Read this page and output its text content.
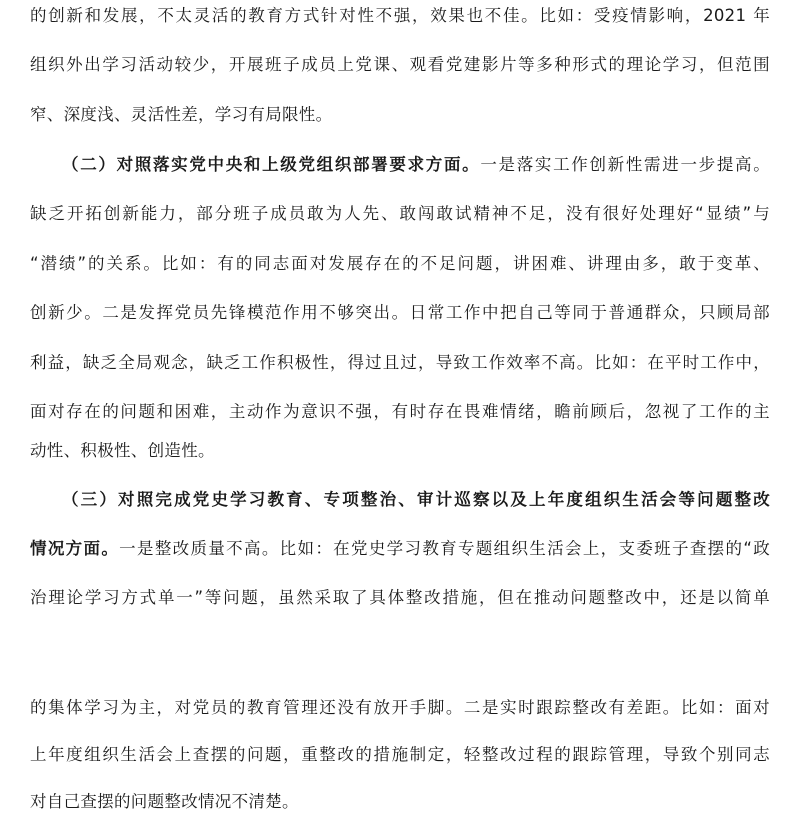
的创新和发展，不太灵活的教育方式针对性不强，效果也不佳。比如：受疫情影响，2021 年
组织外出学习活动较少，开展班子成员上党课、观看党建影片等多种形式的理论学习，但范围
窄、深度浅、灵活性差，学习有局限性。
（二）对照落实党中央和上级党组织部署要求方面。一是落实工作创新性需进一步提高。
缺乏开拓创新能力，部分班子成员敢为人先、敢闯敢试精神不足，没有很好处理好“显绩”与
“潜绩”的关系。比如：有的同志面对发展存在的不足问题，讲困难、讲理由多，敢于变革、
创新少。二是发挥党员先锋模范作用不够突出。日常工作中把自己等同于普通群众，只顾局部
利益，缺乏全局观念，缺乏工作积极性，得过且过，导致工作效率不高。比如：在平时工作中，
面对存在的问题和困难，主动作为意识不强，有时存在畏难情绪，瞻前顾后，忽视了工作的主
动性、积极性、创造性。
（三）对照完成党史学习教育、专项整治、审计巡察以及上年度组织生活会等问题整改
情况方面。一是整改质量不高。比如：在党史学习教育专题组织生活会上，支委班子查摆的“政
治理论学习方式单一”等问题，虽然采取了具体整改措施，但在推动问题整改中，还是以简单
的集体学习为主，对党员的教育管理还没有放开手脚。二是实时跟踪整改有差距。比如：面对
上年度组织生活会上查摆的问题，重整改的措施制定，轻整改过程的跟踪管理，导致个别同志
对自己查摆的问题整改情况不清楚。
